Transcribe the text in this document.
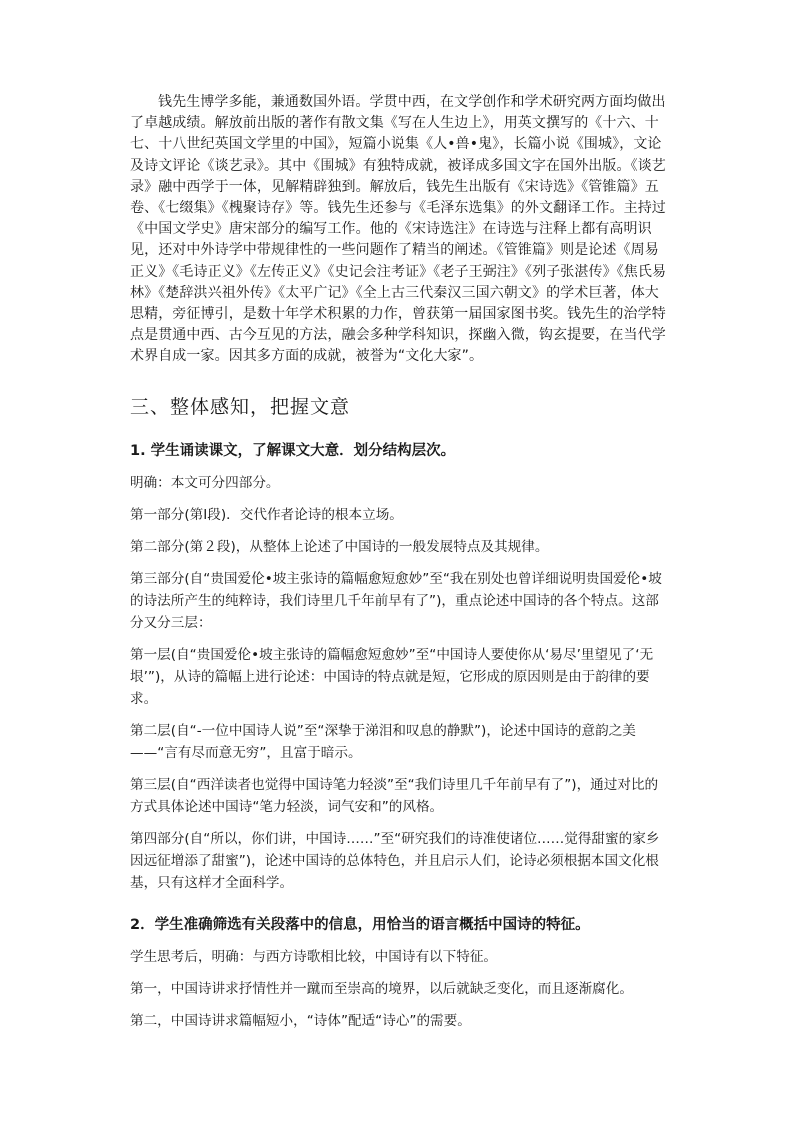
钱先生博学多能，兼通数国外语。学贯中西，在文学创作和学术研究两方面均做出了卓越成绩。解放前出版的著作有散文集《写在人生边上》，用英文撰写的《十六、十七、十八世纪英国文学里的中国》，短篇小说集《人•兽•鬼》，长篇小说《围城》，文论及诗文评论《谈艺录》。其中《围城》有独特成就，被译成多国文字在国外出版。《谈艺录》融中西学于一体，见解精辟独到。解放后，钱先生出版有《宋诗选》《管锥篇》五卷、《七缀集》《槐聚诗存》等。钱先生还参与《毛泽东选集》的外文翻译工作。主持过《中国文学史》唐宋部分的编写工作。他的《宋诗选注》在诗选与注释上都有高明识见，还对中外诗学中带规律性的一些问题作了精当的阐述。《管锥篇》则是论述《周易正义》《毛诗正义》《左传正义》《史记会注考证》《老子王弼注》《列子张湛传》《焦氏易林》《楚辞洪兴祖外传》《太平广记》《全上古三代秦汉三国六朝文》的学术巨著，体大思精，旁征博引，是数十年学术积累的力作，曾获第一届国家图书奖。钱先生的治学特点是贯通中西、古今互见的方法，融会多种学科知识，探幽入微，钩玄提要，在当代学术界自成一家。因其多方面的成就，被誉为“文化大家”。

三、整体感知，把握文意

1. 学生诵读课文，了解课文大意．划分结构层次。

明确：本文可分四部分。

第一部分(第Ⅰ段)．交代作者论诗的根本立场。

第二部分(第２段)，从整体上论述了中国诗的一般发展特点及其规律。

第三部分(自“贵国爱伦•坡主张诗的篇幅愈短愈妙”至“我在别处也曾详细说明贵国爱伦•坡的诗法所产生的纯粹诗，我们诗里几千年前早有了”)，重点论述中国诗的各个特点。这部分又分三层：

第一层(自“贵国爱伦•坡主张诗的篇幅愈短愈妙”至“中国诗人要使你从‘易尽’里望见了‘无垠’”)，从诗的篇幅上进行论述：中国诗的特点就是短，它形成的原因则是由于韵律的要求。

第二层(自“-一位中国诗人说”至“深挚于涕泪和叹息的静默”)，论述中国诗的意韵之美——“言有尽而意无穷”，且富于暗示。

第三层(自“西洋读者也觉得中国诗笔力轻淡”至“我们诗里几千年前早有了”)，通过对比的方式具体论述中国诗“笔力轻淡，词气安和”的风格。

第四部分(自“所以，你们讲，中国诗……”至“研究我们的诗准使诸位……觉得甜蜜的家乡因远征增添了甜蜜”)，论述中国诗的总体特色，并且启示人们，论诗必须根据本国文化根基，只有这样才全面科学。

2．学生准确筛选有关段落中的信息，用恰当的语言概括中国诗的特征。

学生思考后，明确：与西方诗歌相比较，中国诗有以下特征。

第一，中国诗讲求抒情性并一蹴而至崇高的境界，以后就缺乏变化，而且逐渐腐化。

第二，中国诗讲求篇幅短小，“诗体”配适“诗心”的需要。
